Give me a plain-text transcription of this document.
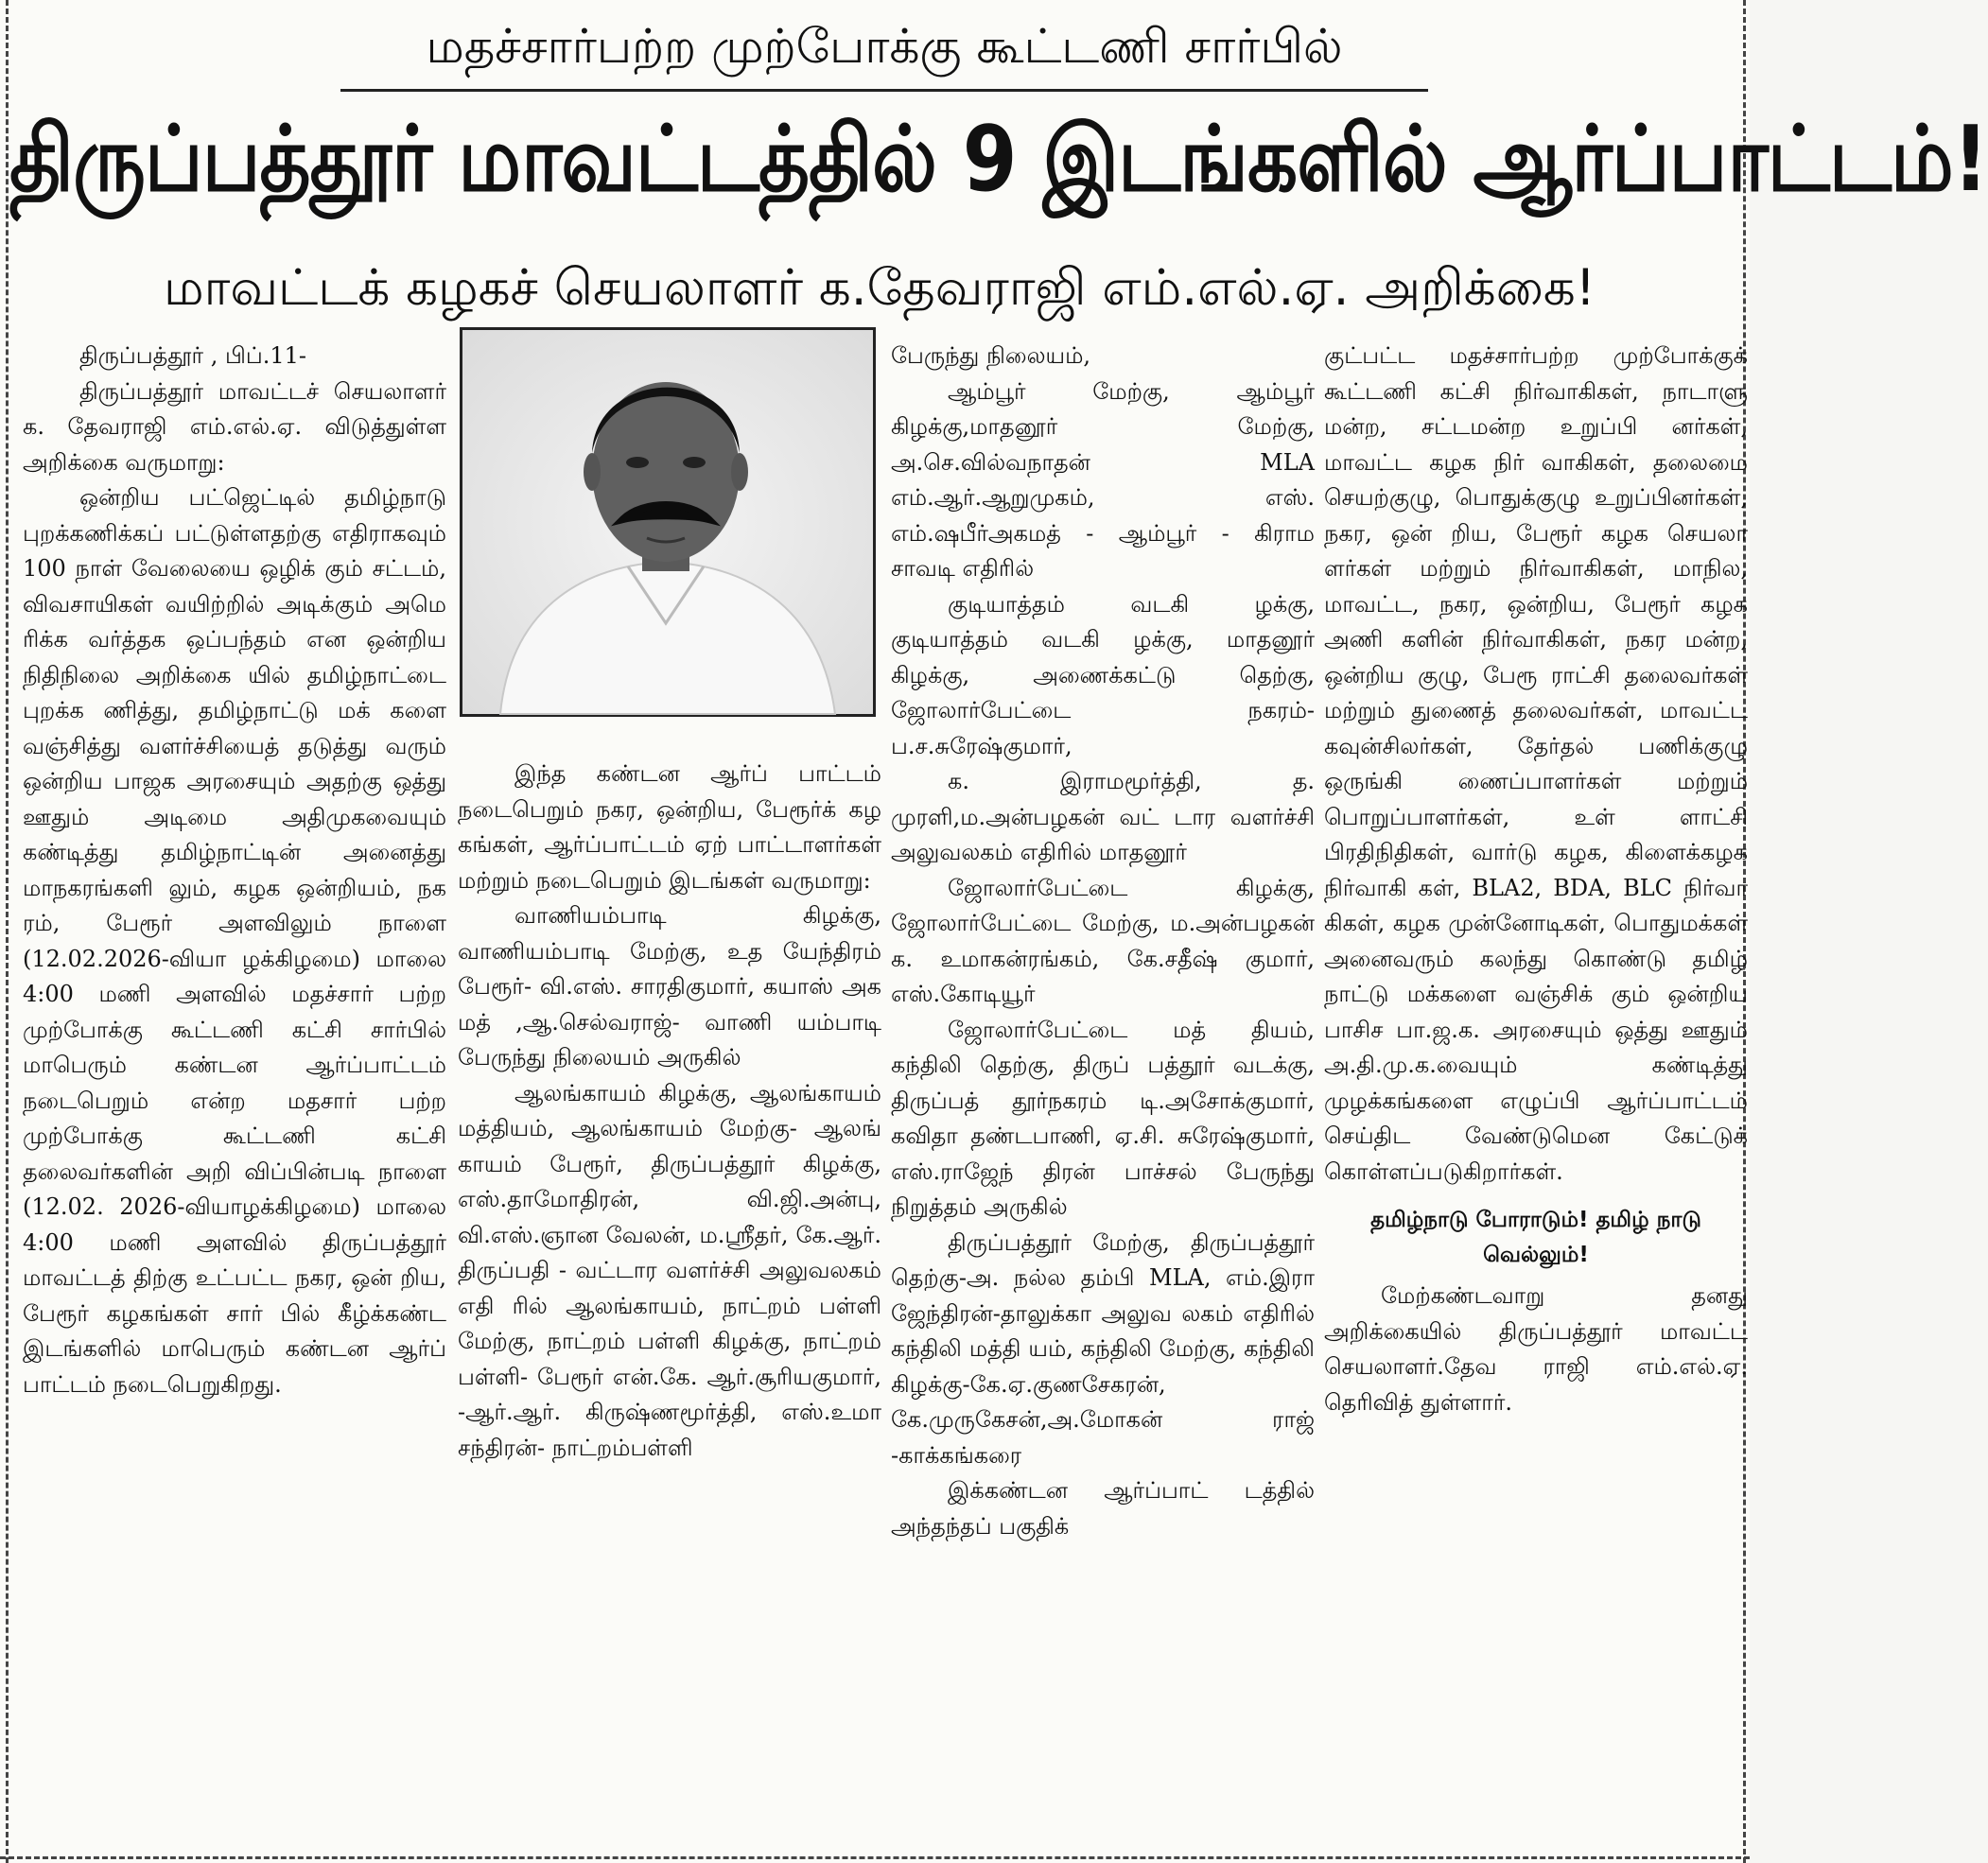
மதச்சார்பற்ற முற்போக்கு கூட்டணி சார்பில்
திருப்பத்தூர் மாவட்டத்தில் 9 இடங்களில் ஆர்ப்பாட்டம்!
மாவட்டக் கழகச் செயலாளர் க.தேவராஜி எம்.எல்.ஏ. அறிக்கை!

திருப்பத்தூர் , பிப்.11-

திருப்பத்தூர் மாவட்டச் செயலாளர் க. தேவராஜி எம்.எல்.ஏ. விடுத்துள்ள அறிக்கை வருமாறு:

ஒன்றிய பட்ஜெட்டில் தமிழ்நாடு புறக்கணிக்கப் பட்டுள்ளதற்கு எதிராகவும் 100 நாள் வேலையை ஒழிக் கும் சட்டம், விவசாயிகள் வயிற்றில் அடிக்கும் அமெ ரிக்க வர்த்தக ஒப்பந்தம் என ஒன்றிய நிதிநிலை அறிக்கை யில் தமிழ்நாட்டை புறக்க ணித்து, தமிழ்நாட்டு மக் களை வஞ்சித்து வளர்ச்சியைத் தடுத்து வரும் ஒன்றிய பாஜக அரசையும் அதற்கு ஒத்து ஊதும் அடிமை அதிமுகவையும் கண்டித்து தமிழ்நாட்டின் அனைத்து மாநகரங்களி லும், கழக ஒன்றியம், நக ரம், பேரூர் அளவிலும் நாளை (12.02.2026-வியா ழக்கிழமை) மாலை 4:00 மணி அளவில் மதச்சார் பற்ற முற்போக்கு கூட்டணி கட்சி சார்பில் மாபெரும் கண்டன ஆர்ப்பாட்டம் நடைபெறும் என்ற மதசார் பற்ற முற்போக்கு கூட்டணி கட்சி தலைவர்களின் அறி விப்பின்படி நாளை (12.02. 2026-வியாழக்கிழமை) மாலை 4:00 மணி அளவில் திருப்பத்தூர் மாவட்டத் திற்கு உட்பட்ட நகர, ஒன் றிய, பேரூர் கழகங்கள் சார் பில் கீழ்க்கண்ட இடங்களில் மாபெரும் கண்டன ஆர்ப் பாட்டம் நடைபெறுகிறது.

இந்த கண்டன ஆர்ப் பாட்டம் நடைபெறும் நகர, ஒன்றிய, பேரூர்க் கழ கங்கள், ஆர்ப்பாட்டம் ஏற் பாட்டாளர்கள் மற்றும் நடைபெறும் இடங்கள் வருமாறு:

வாணியம்பாடி கிழக்கு, வாணியம்பாடி மேற்கு, உத யேந்திரம் பேரூர்- வி.எஸ். சாரதிகுமார், கயாஸ் அக மத் ,ஆ.செல்வராஜ்- வாணி யம்பாடி பேருந்து நிலையம் அருகில்

ஆலங்காயம் கிழக்கு, ஆலங்காயம் மத்தியம், ஆலங்காயம் மேற்கு- ஆலங் காயம் பேரூர், திருப்பத்தூர் கிழக்கு, எஸ்.தாமோதிரன், வி.ஜி.அன்பு, வி.எஸ்.ஞான வேலன், ம.ஸ்ரீதர், கே.ஆர். திருப்பதி - வட்டார வளர்ச்சி அலுவலகம் எதி ரில் ஆலங்காயம், நாட்றம் பள்ளி மேற்கு, நாட்றம் பள்ளி கிழக்கு, நாட்றம் பள்ளி- பேரூர் என்.கே. ஆர்.சூரியகுமார், -ஆர்.ஆர். கிருஷ்ணமூர்த்தி, எஸ்.உமா சந்திரன்- நாட்றம்பள்ளி

பேருந்து நிலையம்,

ஆம்பூர் மேற்கு, ஆம்பூர் கிழக்கு,மாதனூர் மேற்கு, அ.செ.வில்வநாதன் MLA எம்.ஆர்.ஆறுமுகம், எஸ். எம்.ஷபீர்அகமத் - ஆம்பூர் - கிராம சாவடி எதிரில்

குடியாத்தம் வடகி ழக்கு, குடியாத்தம் வடகி ழக்கு, மாதனூர் கிழக்கு, அணைக்கட்டு தெற்கு, ஜோலார்பேட்டை நகரம்- ப.ச.சுரேஷ்குமார்,

க. இராமமூர்த்தி, த. முரளி,ம.அன்பழகன் வட் டார வளர்ச்சி அலுவலகம் எதிரில் மாதனூர்

ஜோலார்பேட்டை கிழக்கு, ஜோலார்பேட்டை மேற்கு, ம.அன்பழகன் க. உமாகன்ரங்கம், கே.சதீஷ் குமார், எஸ்.கோடியூர்

ஜோலார்பேட்டை மத் தியம், கந்திலி தெற்கு, திருப் பத்தூர் வடக்கு, திருப்பத் தூர்நகரம் டி.அசோக்குமார், கவிதா தண்டபாணி, ஏ.சி. சுரேஷ்குமார், எஸ்.ராஜேந் திரன் பாச்சல் பேருந்து நிறுத்தம் அருகில்

திருப்பத்தூர் மேற்கு, திருப்பத்தூர் தெற்கு-அ. நல்ல தம்பி MLA, எம்.இரா ஜேந்திரன்-தாலுக்கா அலுவ லகம் எதிரில் கந்திலி மத்தி யம், கந்திலி மேற்கு, கந்திலி கிழக்கு-கே.ஏ.குணசேகரன், கே.முருகேசன்,அ.மோகன் ராஜ் -காக்கங்கரை

இக்கண்டன ஆர்ப்பாட் டத்தில் அந்தந்தப் பகுதிக்

குட்பட்ட மதச்சார்பற்ற முற்போக்குக் கூட்டணி கட்சி நிர்வாகிகள், நாடாளு மன்ற, சட்டமன்ற உறுப்பி னர்கள், மாவட்ட கழக நிர் வாகிகள், தலைமை செயற்குழு, பொதுக்குழு உறுப்பினர்கள், நகர, ஒன் றிய, பேரூர் கழக செயலா ளர்கள் மற்றும் நிர்வாகிகள், மாநில, மாவட்ட, நகர, ஒன்றிய, பேரூர் கழக அணி களின் நிர்வாகிகள், நகர மன்ற, ஒன்றிய குழு, பேரூ ராட்சி தலைவர்கள் மற்றும் துணைத் தலைவர்கள், மாவட்ட கவுன்சிலர்கள், தேர்தல் பணிக்குழு ஒருங்கி ணைப்பாளர்கள் மற்றும் பொறுப்பாளர்கள், உள் ளாட்சி பிரதிநிதிகள், வார்டு கழக, கிளைக்கழக நிர்வாகி கள், BLA2, BDA, BLC நிர்வா கிகள், கழக முன்னோடிகள், பொதுமக்கள் அனைவரும் கலந்து கொண்டு தமிழ் நாட்டு மக்களை வஞ்சிக் கும் ஒன்றிய பாசிச பா.ஜ.க. அரசையும் ஒத்து ஊதும் அ.தி.மு.க.வையும் கண்டித்து முழக்கங்களை எழுப்பி ஆர்ப்பாட்டம் செய்திட வேண்டுமென கேட்டுக் கொள்ளப்படுகிறார்கள்.

தமிழ்நாடு போராடும்! தமிழ் நாடு வெல்லும்!

மேற்கண்டவாறு தனது அறிக்கையில் திருப்பத்தூர் மாவட்ட செயலாளர்.தேவ ராஜி எம்.எல்.ஏ. தெரிவித் துள்ளார்.
